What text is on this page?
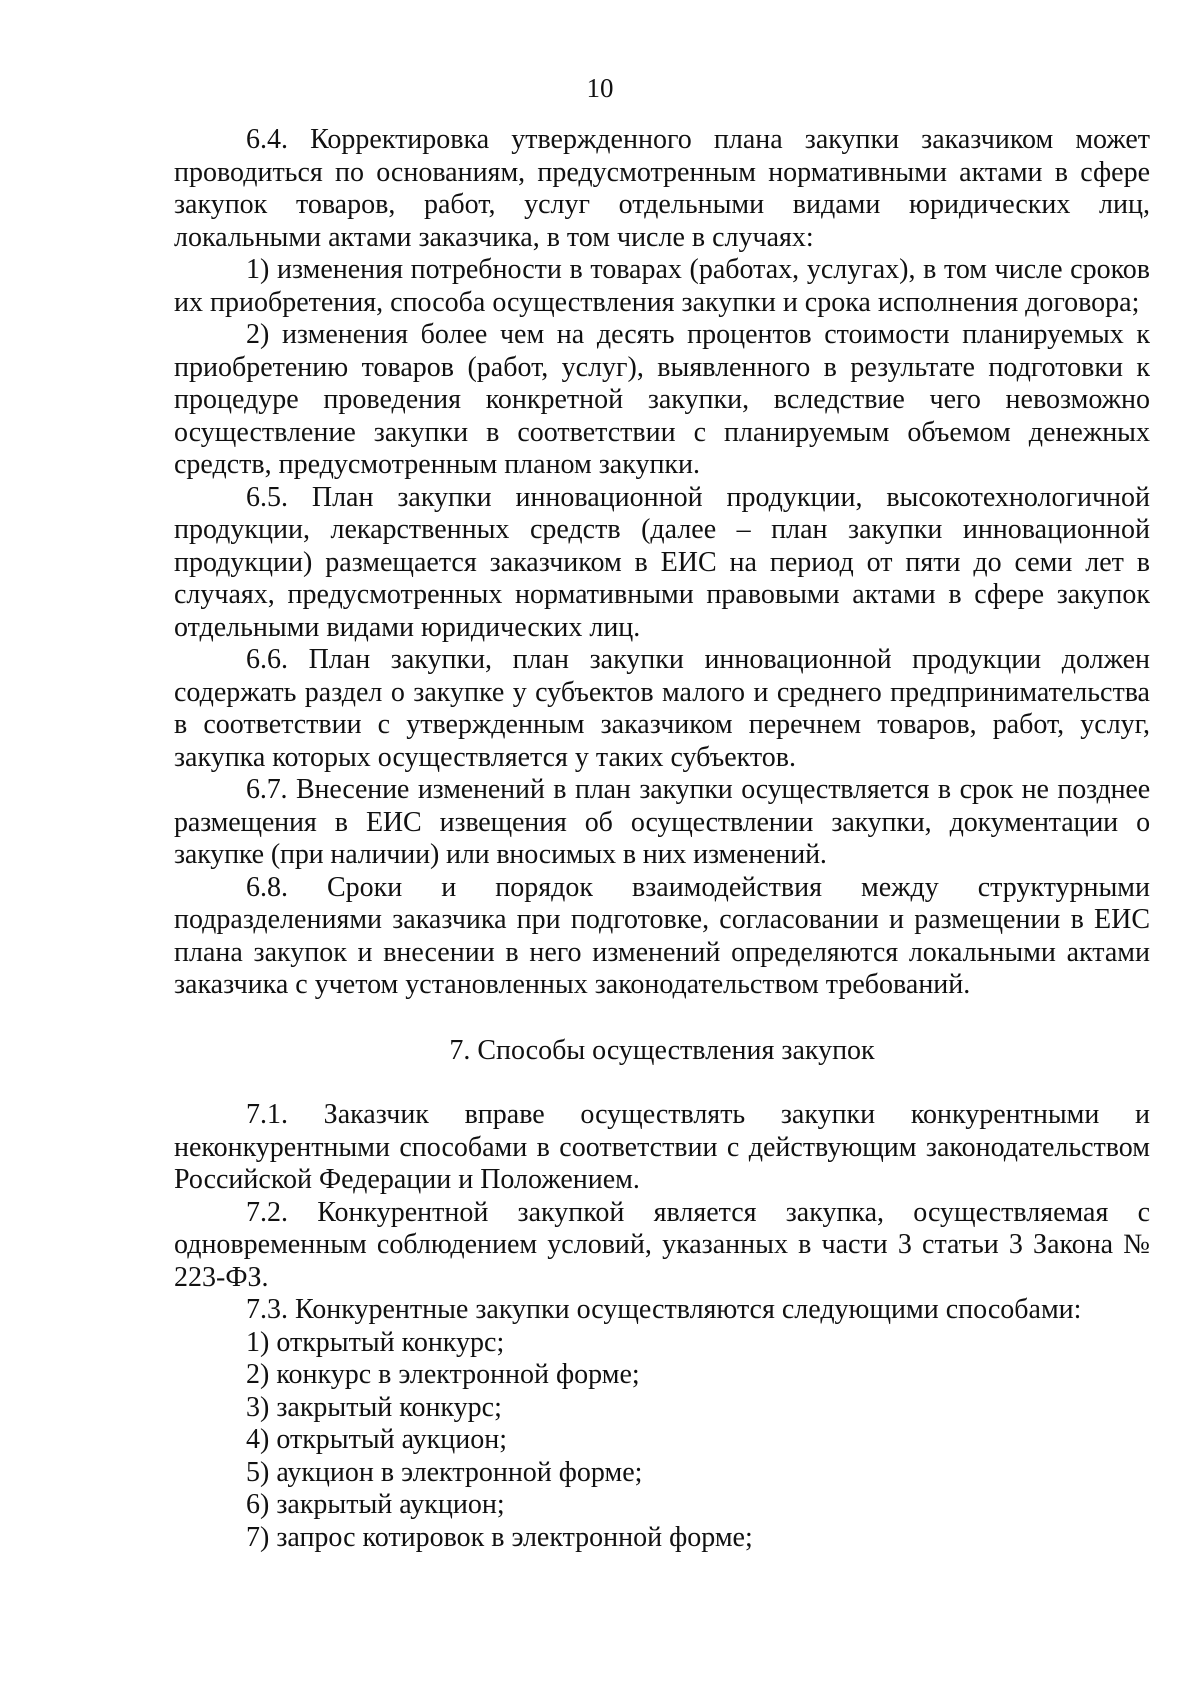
10

6.4. Корректировка утвержденного плана закупки заказчиком может проводиться по основаниям, предусмотренным нормативными актами в сфере закупок товаров, работ, услуг отдельными видами юридических лиц, локальными актами заказчика, в том числе в случаях:

1) изменения потребности в товарах (работах, услугах), в том числе сроков их приобретения, способа осуществления закупки и срока исполнения договора;

2) изменения более чем на десять процентов стоимости планируемых к приобретению товаров (работ, услуг), выявленного в результате подготовки к процедуре проведения конкретной закупки, вследствие чего невозможно осуществление закупки в соответствии с планируемым объемом денежных средств, предусмотренным планом закупки.

6.5. План закупки инновационной продукции, высокотехнологичной продукции, лекарственных средств (далее – план закупки инновационной продукции) размещается заказчиком в ЕИС на период от пяти до семи лет в случаях, предусмотренных нормативными правовыми актами в сфере закупок отдельными видами юридических лиц.

6.6. План закупки, план закупки инновационной продукции должен содержать раздел о закупке у субъектов малого и среднего предпринимательства в соответствии с утвержденным заказчиком перечнем товаров, работ, услуг, закупка которых осуществляется у таких субъектов.

6.7. Внесение изменений в план закупки осуществляется в срок не позднее размещения в ЕИС извещения об осуществлении закупки, документации о закупке (при наличии) или вносимых в них изменений.

6.8. Сроки и порядок взаимодействия между структурными подразделениями заказчика при подготовке, согласовании и размещении в ЕИС плана закупок и внесении в него изменений определяются локальными актами заказчика с учетом установленных законодательством требований.

7. Способы осуществления закупок

7.1. Заказчик вправе осуществлять закупки конкурентными и неконкурентными способами в соответствии с действующим законодательством Российской Федерации и Положением.

7.2. Конкурентной закупкой является закупка, осуществляемая с одновременным соблюдением условий, указанных в части 3 статьи 3 Закона № 223-ФЗ.

7.3. Конкурентные закупки осуществляются следующими способами:

1) открытый конкурс;

2) конкурс в электронной форме;

3) закрытый конкурс;

4) открытый аукцион;

5) аукцион в электронной форме;

6) закрытый аукцион;

7) запрос котировок в электронной форме;
